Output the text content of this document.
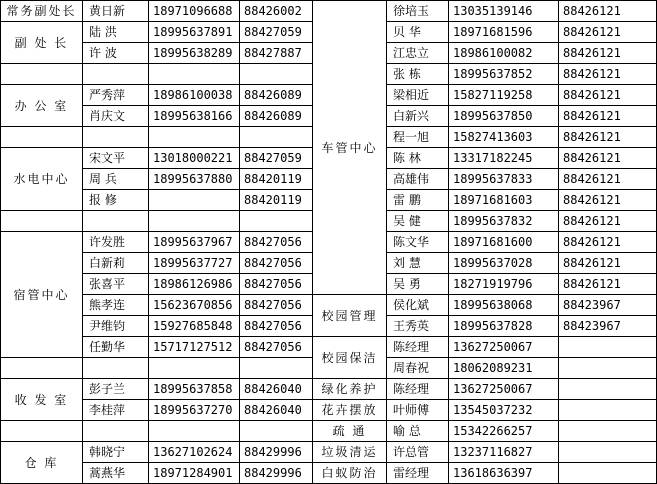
常务副处长	黄日新	18971096688	88426002	车管中心	徐培玉	13035139146	88426121
副 处 长	陆 洪	18995637891	88427059		贝 华	18971681596	88426121
	许 波	18995638289	88427887		江忠立	18986100082	88426121
					张 栋	18995637852	88426121
办 公 室	严秀萍	18986100038	88426089		梁相近	15827119258	88426121
	肖庆文	18995638166	88426089		白新兴	18995637850	88426121
					程一旭	15827413603	88426121
水电中心	宋文平	13018000221	88427059		陈 林	13317182245	88426121
	周 兵	18995637880	88420119		高雄伟	18995637833	88426121
	报 修		88420119		雷 鹏	18971681603	88426121
					吴 健	18995637832	88426121
宿管中心	许发胜	18995637967	88427056		陈文华	18971681600	88426121
	白新莉	18995637727	88427056		刘 慧	18995637028	88426121
	张喜平	18986126986	88427056		吴 勇	18271919796	88426121
	熊孝连	15623670856	88427056	校园管理	侯化斌	18995638068	88423967
	尹维钧	15927685848	88427056		王秀英	18995637828	88423967
	任勤华	15717127512	88427056	校园保洁	陈经理	13627250067	
					周春祝	18062089231	
收 发 室	彭子兰	18995637858	88426040	绿化养护	陈经理	13627250067	
	李桂萍	18995637270	88426040	花卉摆放	叶师傅	13545037232	
				疏 通	喻 总	15342266257	
仓 库	韩晓宁	13627102624	88429996	垃圾清运	许总管	13237116827	
	蒿燕华	18971284901	88429996	白蚁防治	雷经理	13618636397	
